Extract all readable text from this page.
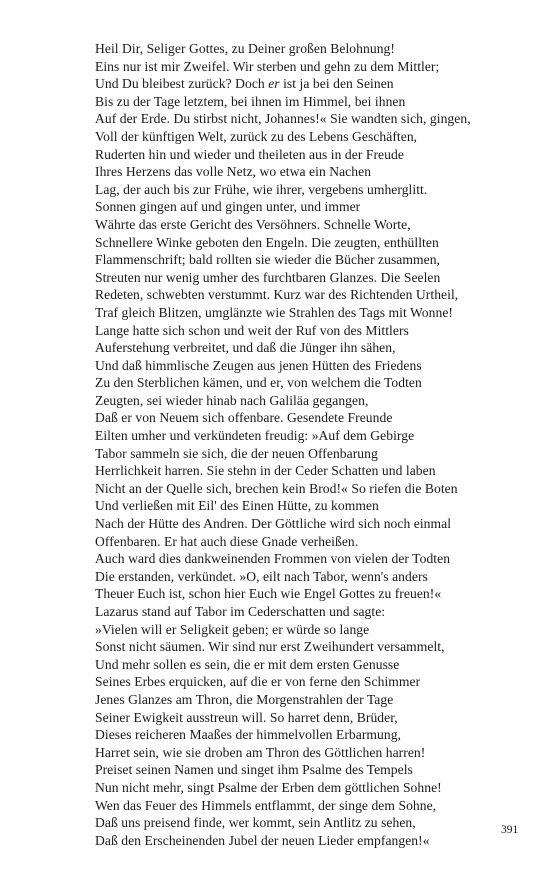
Heil Dir, Seliger Gottes, zu Deiner großen Belohnung!
Eins nur ist mir Zweifel. Wir sterben und gehn zu dem Mittler;
Und Du bleibest zurück? Doch er ist ja bei den Seinen
Bis zu der Tage letztem, bei ihnen im Himmel, bei ihnen
Auf der Erde. Du stirbst nicht, Johannes!« Sie wandten sich, gingen,
Voll der künftigen Welt, zurück zu des Lebens Geschäften,
Ruderten hin und wieder und theileten aus in der Freude
Ihres Herzens das volle Netz, wo etwa ein Nachen
Lag, der auch bis zur Frühe, wie ihrer, vergebens umherglitt.
Sonnen gingen auf und gingen unter, und immer
Währte das erste Gericht des Versöhners. Schnelle Worte,
Schnellere Winke geboten den Engeln. Die zeugten, enthüllten
Flammenschrift; bald rollten sie wieder die Bücher zusammen,
Streuten nur wenig umher des furchtbaren Glanzes. Die Seelen
Redeten, schwebten verstummt. Kurz war des Richtenden Urtheil,
Traf gleich Blitzen, umglänzte wie Strahlen des Tags mit Wonne!
Lange hatte sich schon und weit der Ruf von des Mittlers
Auferstehung verbreitet, und daß die Jünger ihn sähen,
Und daß himmlische Zeugen aus jenen Hütten des Friedens
Zu den Sterblichen kämen, und er, von welchem die Todten
Zeugten, sei wieder hinab nach Galiläa gegangen,
Daß er von Neuem sich offenbare. Gesendete Freunde
Eilten umher und verkündeten freudig: »Auf dem Gebirge
Tabor sammeln sie sich, die der neuen Offenbarung
Herrlichkeit harren. Sie stehn in der Ceder Schatten und laben
Nicht an der Quelle sich, brechen kein Brod!« So riefen die Boten
Und verließen mit Eil' des Einen Hütte, zu kommen
Nach der Hütte des Andren. Der Göttliche wird sich noch einmal
Offenbaren. Er hat auch diese Gnade verheißen.
Auch ward dies dankweinenden Frommen von vielen der Todten
Die erstanden, verkündet. »O, eilt nach Tabor, wenn's anders
Theuer Euch ist, schon hier Euch wie Engel Gottes zu freuen!«
Lazarus stand auf Tabor im Cederschatten und sagte:
»Vielen will er Seligkeit geben; er würde so lange
Sonst nicht säumen. Wir sind nur erst Zweihundert versammelt,
Und mehr sollen es sein, die er mit dem ersten Genusse
Seines Erbes erquicken, auf die er von ferne den Schimmer
Jenes Glanzes am Thron, die Morgenstrahlen der Tage
Seiner Ewigkeit ausstreun will. So harret denn, Brüder,
Dieses reicheren Maaßes der himmelvollen Erbarmung,
Harret sein, wie sie droben am Thron des Göttlichen harren!
Preiset seinen Namen und singet ihm Psalme des Tempels
Nun nicht mehr, singt Psalme der Erben dem göttlichen Sohne!
Wen das Feuer des Himmels entflammt, der singe dem Sohne,
Daß uns preisend finde, wer kommt, sein Antlitz zu sehen,
Daß den Erscheinenden Jubel der neuen Lieder empfangen!«
391
